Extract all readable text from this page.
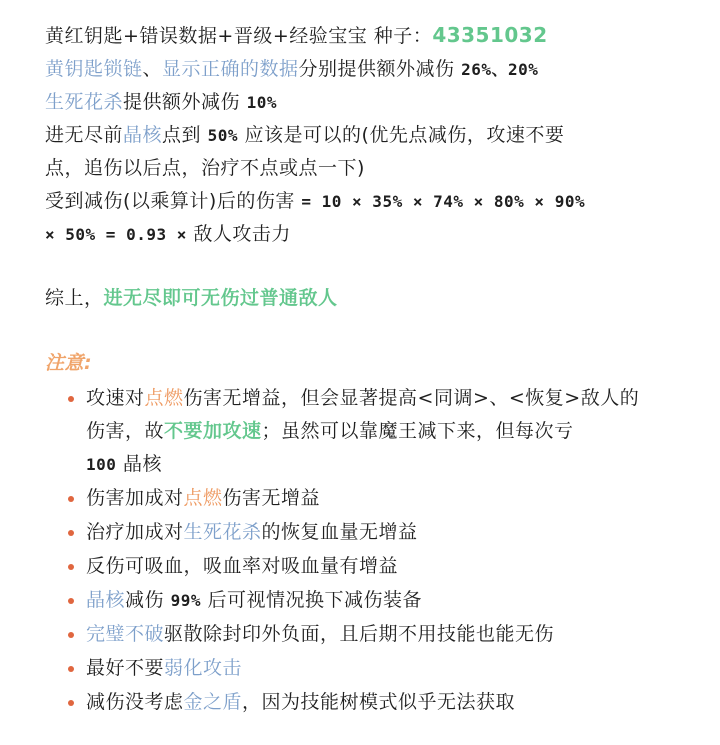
黄红钥匙+错误数据+晋级+经验宝宝 种子：43351032
黄钥匙锁链、显示正确的数据分别提供额外减伤 26%、20%
生死花杀提供额外减伤 10%
进无尽前晶核点到 50% 应该是可以的(优先点减伤，攻速不要
点，追伤以后点，治疗不点或点一下)
受到减伤(以乘算计)后的伤害 = 10 × 35% × 74% × 80% × 90%
× 50% = 0.93 × 敌人攻击力
综上，进无尽即可无伤过普通敌人
注意:
攻速对点燃伤害无增益，但会显著提高<同调>、<恢复>敌人的
伤害，故不要加攻速；虽然可以靠魔王减下来，但每次亏
100 晶核
伤害加成对点燃伤害无增益
治疗加成对生死花杀的恢复血量无增益
反伤可吸血，吸血率对吸血量有增益
晶核减伤 99% 后可视情况换下减伤装备
完璧不破驱散除封印外负面，且后期不用技能也能无伤
最好不要弱化攻击
减伤没考虑金之盾，因为技能树模式似乎无法获取
